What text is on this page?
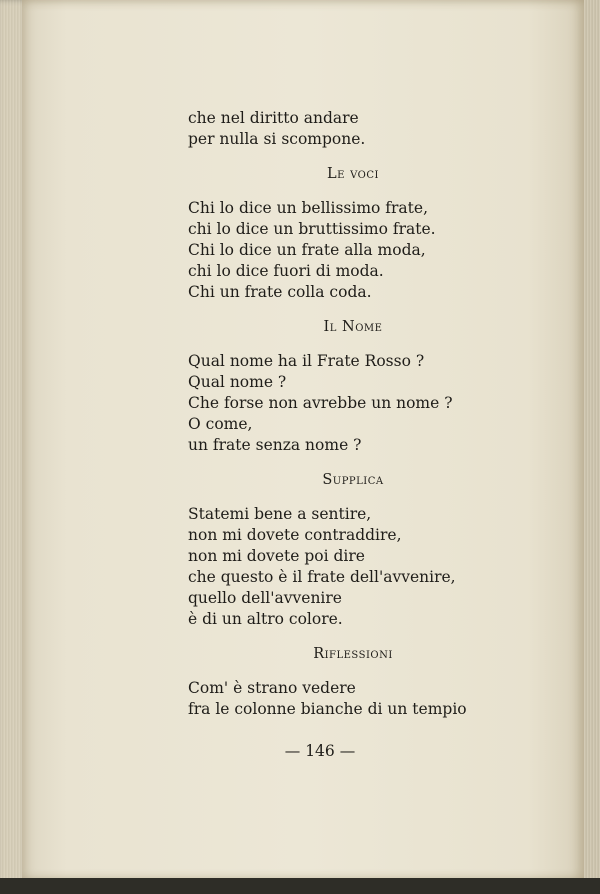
che nel diritto andare
per nulla si scompone.
Le voci
Chi lo dice un bellissimo frate,
chi lo dice un bruttissimo frate.
Chi lo dice un frate alla moda,
chi lo dice fuori di moda.
Chi un frate colla coda.
Il Nome
Qual nome ha il Frate Rosso ?
Qual nome ?
Che forse non avrebbe un nome ?
O come,
un frate senza nome ?
Supplica
Statemi bene a sentire,
non mi dovete contraddire,
non mi dovete poi dire
che questo è il frate dell'avvenire,
quello dell'avvenire
è di un altro colore.
Riflessioni
Com' è strano vedere
fra le colonne bianche di un tempio
— 146 —
